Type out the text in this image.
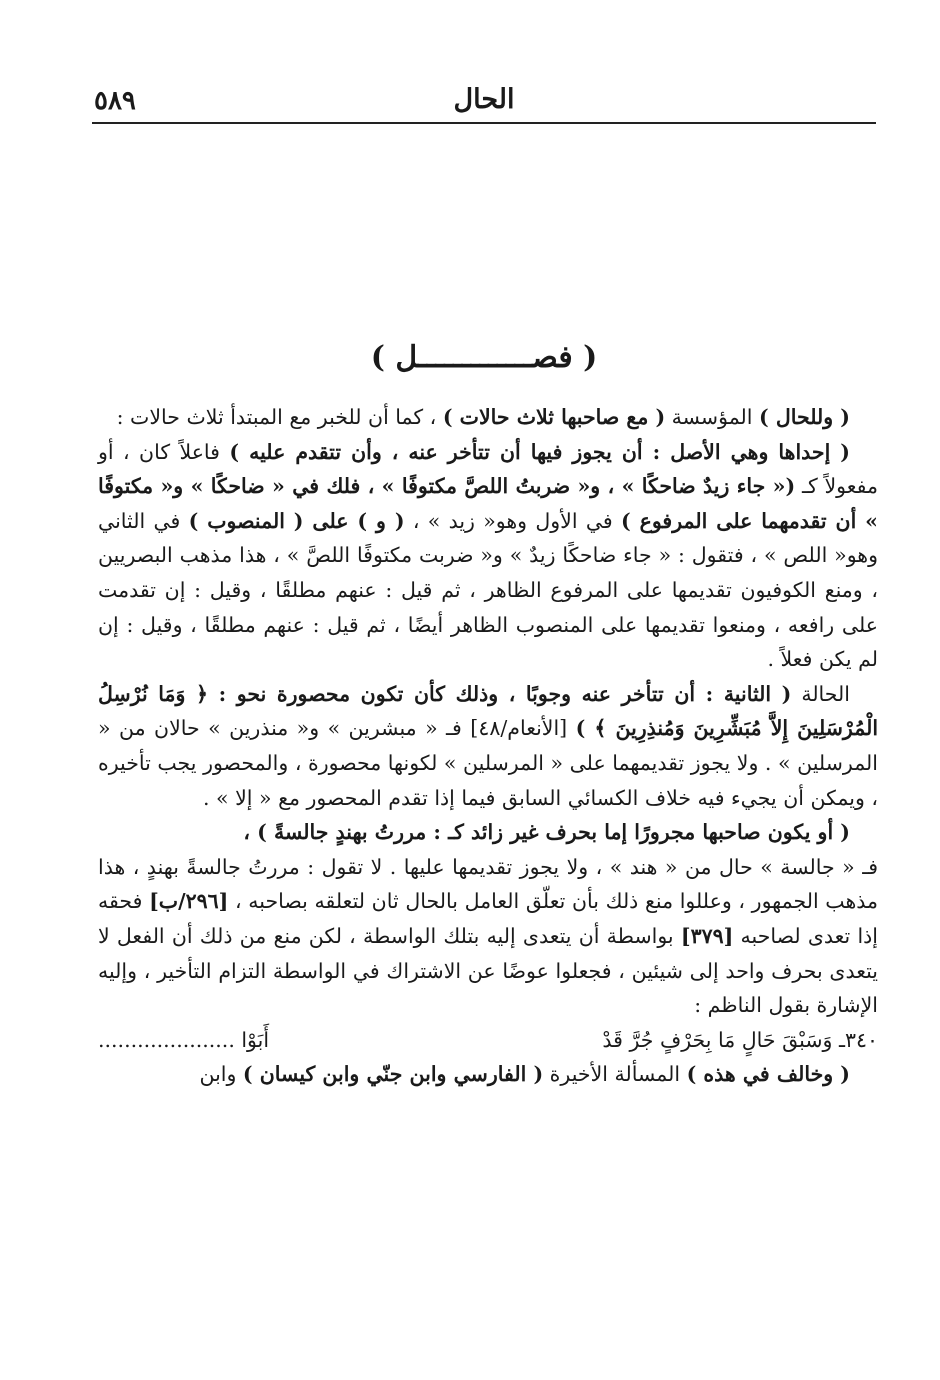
٥٨٩	الحال
( فصـــــــــــــل )

( وللحال ) المؤسسة ( مع صاحبها ثلاث حالات ) ، كما أن للخبر مع المبتدأ ثلاث حالات :

( إحداها وهي الأصل : أن يجوز فيها أن تتأخر عنه ، وأن تتقدم عليه ) فاعلاً كان ، أو مفعولاً كـ (« جاء زيدٌ ضاحكًا » ، و« ضربتُ اللصَّ مكتوفًا » ، فلك في « ضاحكًا » و« مكتوفًا » أن تقدمهما على المرفوع ) في الأول وهو« زيد » ، ( و ) على ( المنصوب ) في الثاني وهو« اللص » ، فتقول : « جاء ضاحكًا زيدٌ » و« ضربت مكتوفًا اللصَّ » ، هذا مذهب البصريين ، ومنع الكوفيون تقديمها على المرفوع الظاهر ، ثم قيل : عنهم مطلقًا ، وقيل : إن تقدمت على رافعه ، ومنعوا تقديمها على المنصوب الظاهر أيضًا ، ثم قيل : عنهم مطلقًا ، وقيل : إن لم يكن فعلاً .

الحالة ( الثانية : أن تتأخر عنه وجوبًا ، وذلك كأن تكون محصورة نحو : ﴿ وَمَا نُرْسِلُ الْمُرْسَلِينَ إِلاَّ مُبَشِّرِينَ وَمُنذِرِينَ ﴾ ) [الأنعام/٤٨] فـ « مبشرين » و« منذرين » حالان من « المرسلين » . ولا يجوز تقديمهما على « المرسلين » لكونها محصورة ، والمحصور يجب تأخيره ، ويمكن أن يجيء فيه خلاف الكسائي السابق فيما إذا تقدم المحصور مع « إلا » .

( أو يكون صاحبها مجرورًا إما بحرف غير زائد كـ : مررتُ بهندٍ جالسةً ) ،

فـ « جالسة » حال من « هند » ، ولا يجوز تقديمها عليها . لا تقول : مررتُ جالسةً بهندٍ ، هذا مذهب الجمهور ، وعللوا منع ذلك بأن تعلّق العامل بالحال ثان لتعلقه بصاحبه ، [٢٩٦/ب] فحقه إذا تعدى لصاحبه [٣٧٩] بواسطة أن يتعدى إليه بتلك الواسطة ، لكن منع من ذلك أن الفعل لا يتعدى بحرف واحد إلى شيئين ، فجعلوا عوضًا عن الاشتراك في الواسطة التزام التأخير ، وإليه الإشارة بقول الناظم :

٣٤٠ـ وَسَبْقَ حَالٍ مَا بِحَرْفٍ جُرَّ قَدْ
أَبَوْا .....................

( وخالف في هذه ) المسألة الأخيرة ( الفارسي وابن جنّي وابن كيسان ) وابن
